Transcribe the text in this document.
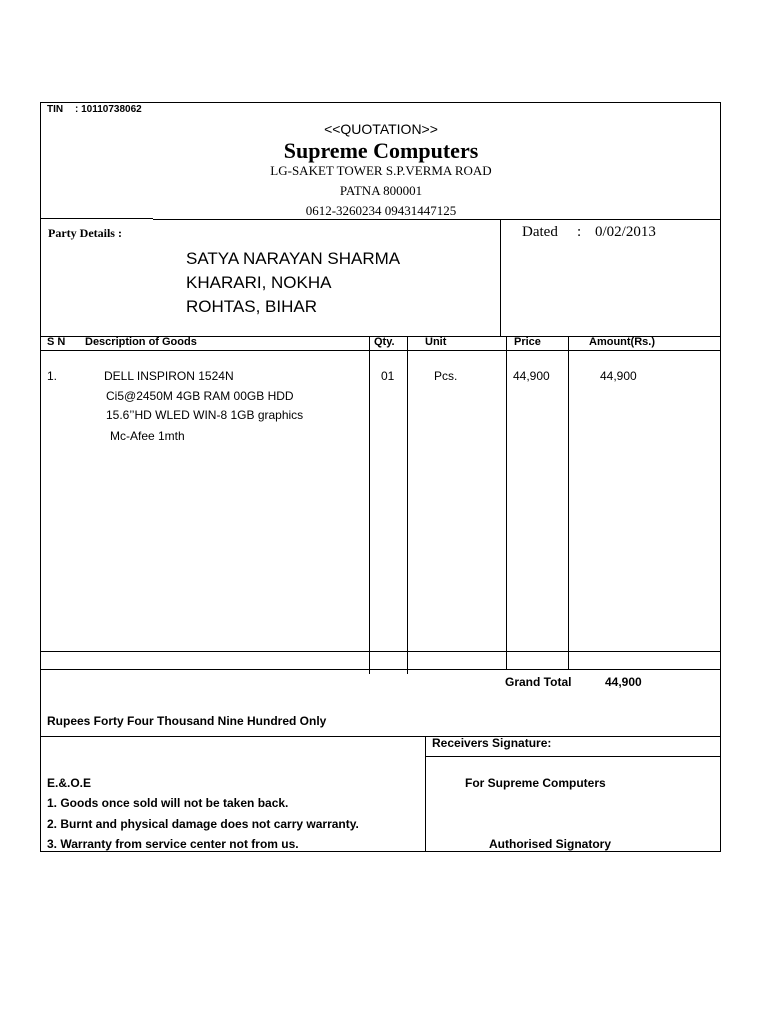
TIN : 10110738062
<<QUOTATION>>
Supreme Computers
LG-SAKET TOWER S.P.VERMA ROAD
PATNA 800001
0612-3260234 09431447125
Party Details :
SATYA NARAYAN SHARMA
KHARARI, NOKHA
ROHTAS, BIHAR
Dated : 0/02/2013
S N Description of Goods	Qty.	Unit	Price	Amount(Rs.)
1.	DELL INSPIRON 1524N
Ci5@2450M 4GB RAM 00GB HDD
15.6’’HD WLED WIN-8 1GB graphics
Mc-Afee 1mth
01	Pcs.	44,900	44,900
Grand Total	44,900
Rupees Forty Four Thousand Nine Hundred Only
E.&.O.E
1. Goods once sold will not be taken back.
2. Burnt and physical damage does not carry warranty.
3. Warranty from service center not from us.
Receivers Signature:
For Supreme Computers
Authorised Signatory
